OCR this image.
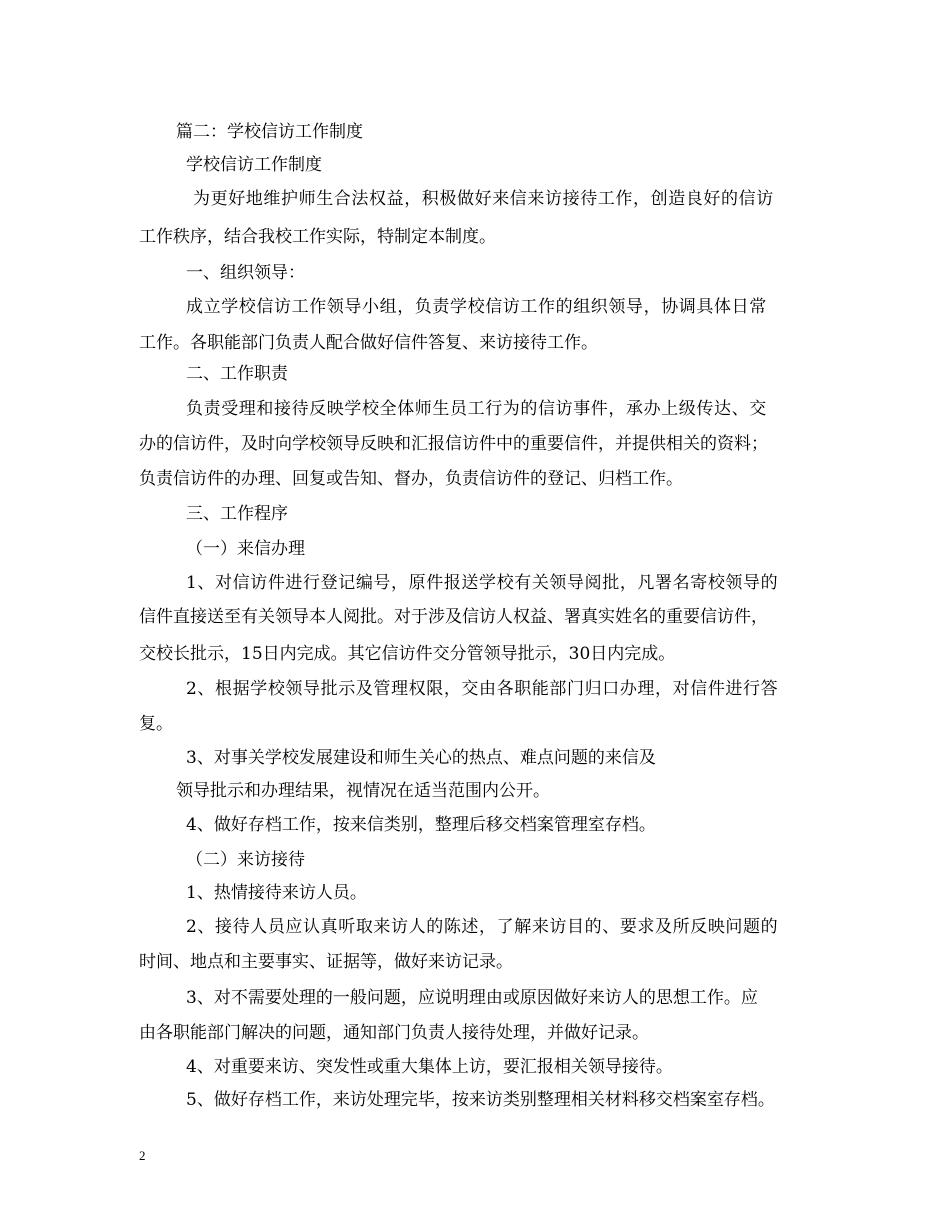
篇二：学校信访工作制度
学校信访工作制度
为更好地维护师生合法权益，积极做好来信来访接待工作，创造良好的信访
工作秩序，结合我校工作实际，特制定本制度。
一、组织领导：
成立学校信访工作领导小组，负责学校信访工作的组织领导，协调具体日常
工作。各职能部门负责人配合做好信件答复、来访接待工作。
二、工作职责
负责受理和接待反映学校全体师生员工行为的信访事件，承办上级传达、交
办的信访件，及时向学校领导反映和汇报信访件中的重要信件，并提供相关的资料；
负责信访件的办理、回复或告知、督办，负责信访件的登记、归档工作。
三、工作程序
（一）来信办理
1、对信访件进行登记编号，原件报送学校有关领导阅批，凡署名寄校领导的
信件直接送至有关领导本人阅批。对于涉及信访人权益、署真实姓名的重要信访件，
交校长批示，15日内完成。其它信访件交分管领导批示，30日内完成。
2、根据学校领导批示及管理权限，交由各职能部门归口办理，对信件进行答
复。
3、对事关学校发展建设和师生关心的热点、难点问题的来信及
领导批示和办理结果，视情况在适当范围内公开。
4、做好存档工作，按来信类别，整理后移交档案管理室存档。
（二）来访接待
1、热情接待来访人员。
2、接待人员应认真听取来访人的陈述，了解来访目的、要求及所反映问题的
时间、地点和主要事实、证据等，做好来访记录。
3、对不需要处理的一般问题，应说明理由或原因做好来访人的思想工作。应
由各职能部门解决的问题，通知部门负责人接待处理，并做好记录。
4、对重要来访、突发性或重大集体上访，要汇报相关领导接待。
5、做好存档工作，来访处理完毕，按来访类别整理相关材料移交档案室存档。
2
